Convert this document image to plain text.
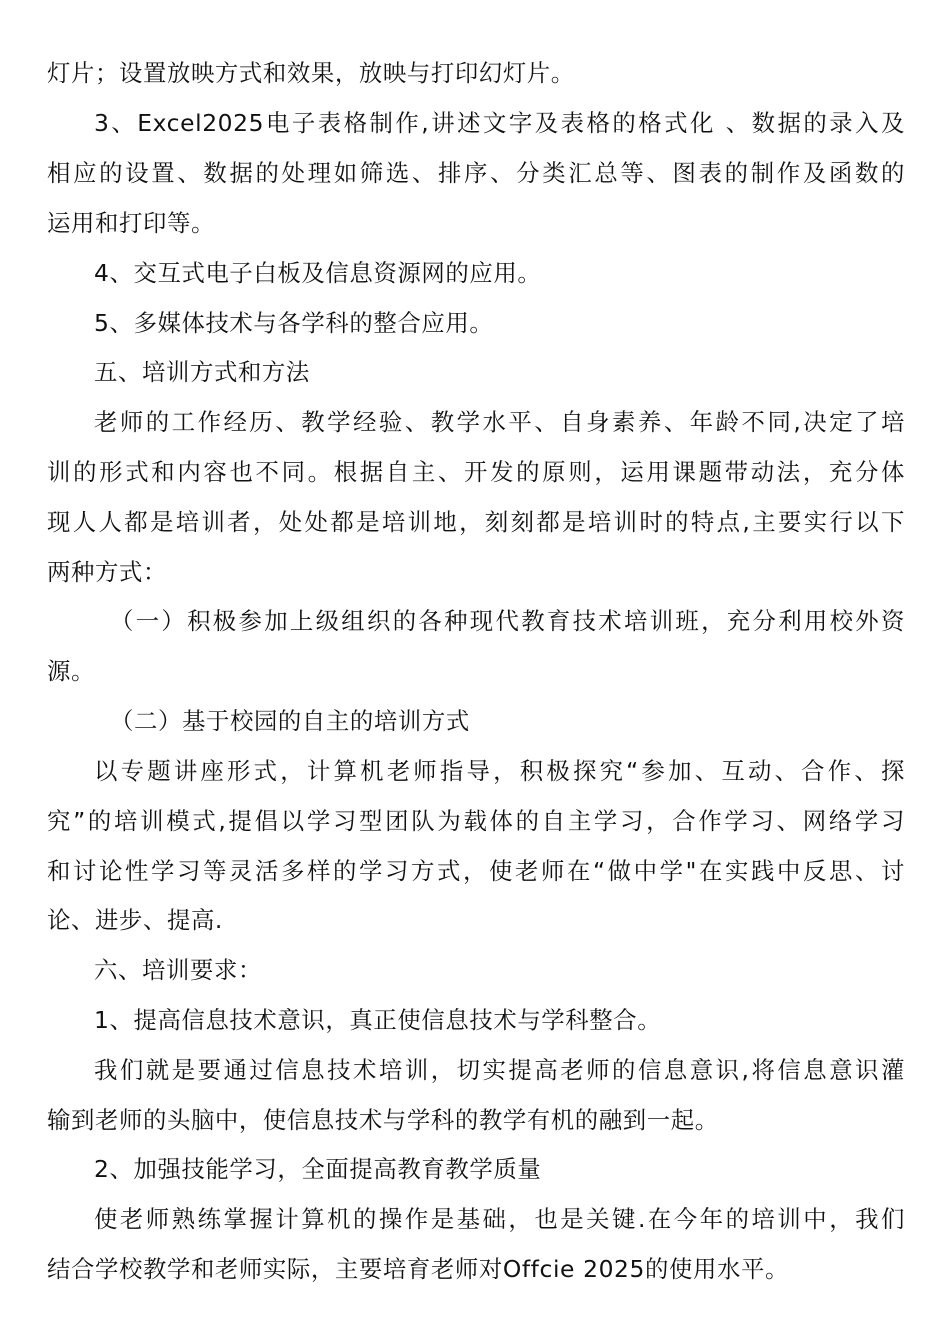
灯片；设置放映方式和效果，放映与打印幻灯片。
3、Excel2025电子表格制作,讲述文字及表格的格式化 、数据的录入及
相应的设置、数据的处理如筛选、排序、分类汇总等、图表的制作及函数的
运用和打印等。
4、交互式电子白板及信息资源网的应用。
5、多媒体技术与各学科的整合应用。
五、培训方式和方法
老师的工作经历、教学经验、教学水平、自身素养、年龄不同,决定了培
训的形式和内容也不同。根据自主、开发的原则，运用课题带动法，充分体
现人人都是培训者，处处都是培训地，刻刻都是培训时的特点,主要实行以下
两种方式：
（一）积极参加上级组织的各种现代教育技术培训班，充分利用校外资
源。
（二）基于校园的自主的培训方式
以专题讲座形式，计算机老师指导，积极探究“参加、互动、合作、探
究”的培训模式,提倡以学习型团队为载体的自主学习，合作学习、网络学习
和讨论性学习等灵活多样的学习方式，使老师在“做中学"在实践中反思、讨
论、进步、提高.
六、培训要求：
1、提高信息技术意识，真正使信息技术与学科整合。
我们就是要通过信息技术培训，切实提高老师的信息意识,将信息意识灌
输到老师的头脑中，使信息技术与学科的教学有机的融到一起。
2、加强技能学习，全面提高教育教学质量
使老师熟练掌握计算机的操作是基础，也是关键.在今年的培训中，我们
结合学校教学和老师实际，主要培育老师对Offcie 2025的使用水平。
